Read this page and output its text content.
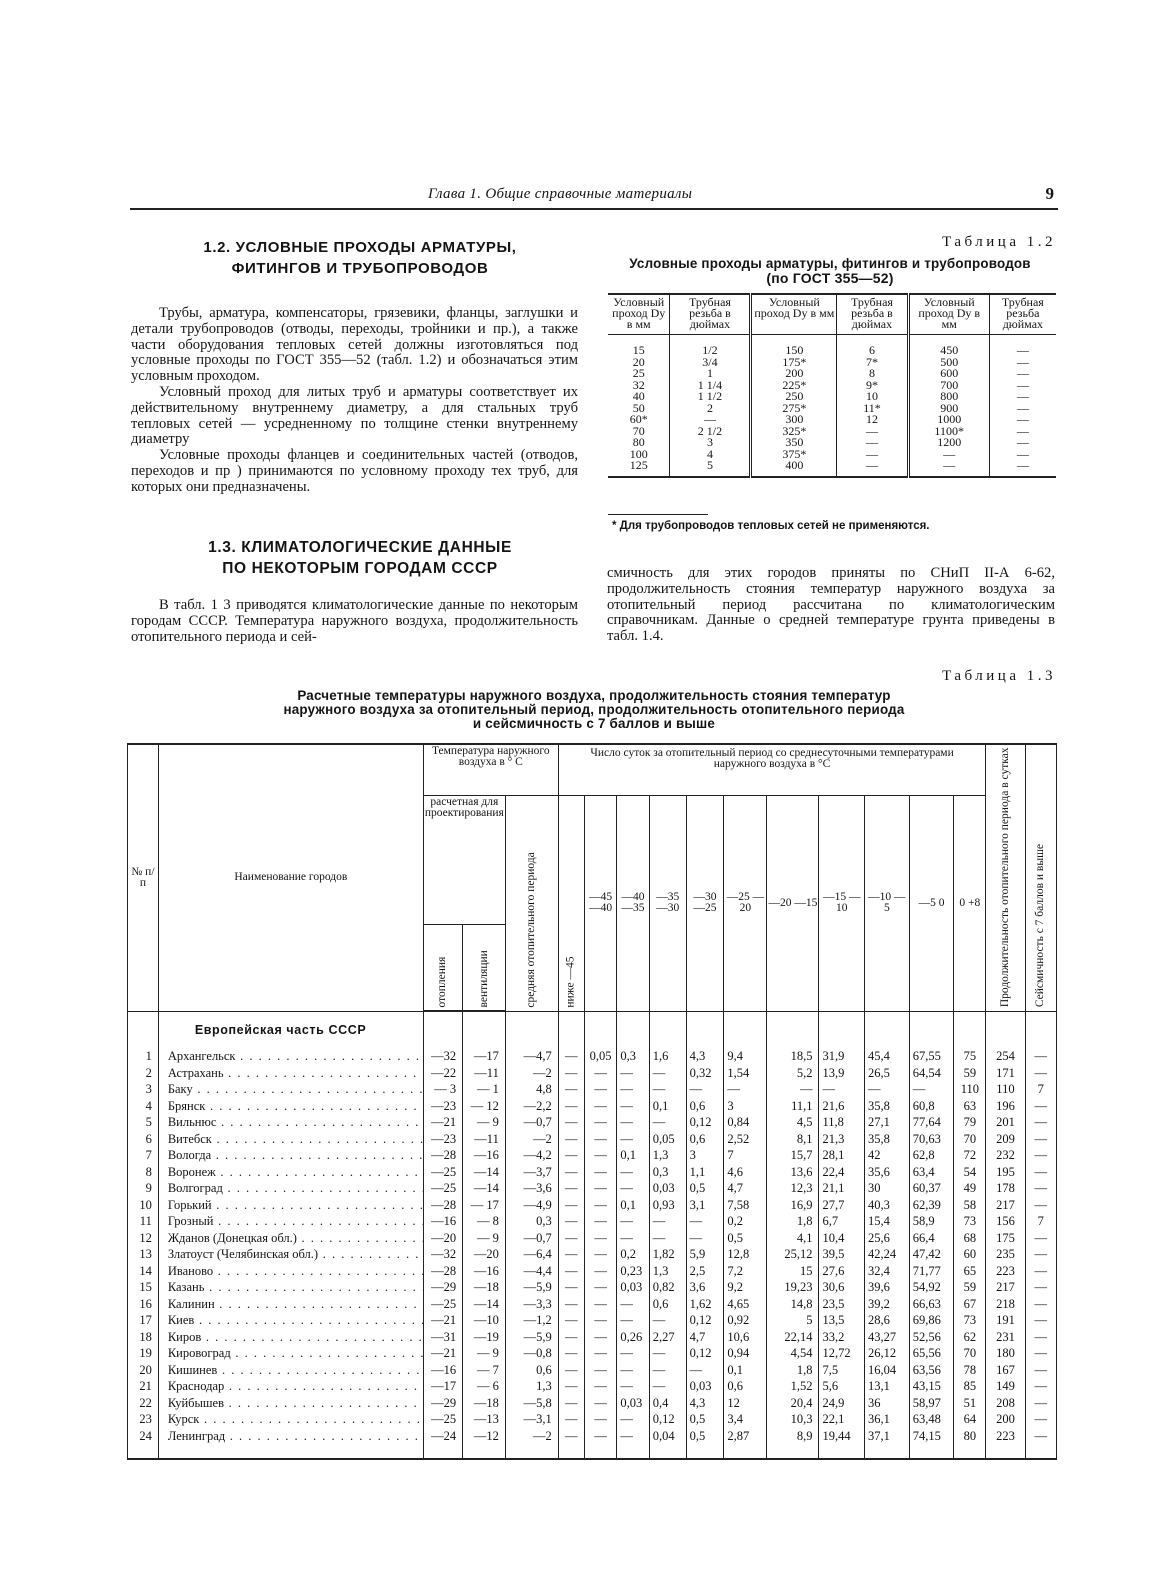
Глава 1. Общие справочные материалы	9
1.2. УСЛОВНЫЕ ПРОХОДЫ АРМАТУРЫ,
ФИТИНГОВ И ТРУБОПРОВОДОВ

Трубы, арматура, компенсаторы, грязевики, фланцы, заглушки и детали трубопроводов (отводы, переходы, тройники и пр.), а также части оборудования тепловых сетей должны изготовляться под условные проходы по ГОСТ 355—52 (табл. 1.2) и обозначаться этим условным проходом.

Условный проход для литых труб и арматуры соответствует их действительному внутреннему диаметру, а для стальных труб тепловых сетей — усредненному по толщине стенки внутреннему диаметру

Условные проходы фланцев и соединительных частей (отводов, переходов и пр ) принимаются по условному проходу тех труб, для которых они предназначены.

Таблица 1.2
Условные проходы арматуры, фитингов и трубопроводов
(по ГОСТ 355—52)
Условный проход Dу в мм	Трубная резьба в дюймах	Условный проход Dу в мм	Трубная резьба в дюймах	Условный проход Dу в мм	Трубная резьба дюймах
15	1/2	150	6	450	—
20	3/4	175*	7*	500	—
25	1	200	8	600	—
32	1 1/4	225*	9*	700	—
40	1 1/2	250	10	800	—
50	2	275*	11*	900	—
60*	—	300	12	1000	—
70	2 1/2	325*	—	1100*	—
80	3	350	—	1200	—
100	4	375*	—	—	—
125	5	400	—	—	—
* Для трубопроводов тепловых сетей не применяются.
1.3. КЛИМАТОЛОГИЧЕСКИЕ ДАННЫЕ
ПО НЕКОТОРЫМ ГОРОДАМ СССР

В табл. 1 3 приводятся климатологические данные по некоторым городам СССР. Температура наружного воздуха, продолжительность отопительного периода и сей-

смичность для этих городов приняты по СНиП II-А 6-62, продолжительность стояния температур наружного воздуха за отопительный период рассчитана по климатологическим справочникам. Данные о средней температуре грунта приведены в табл. 1.4.

Таблица 1.3
Расчетные температуры наружного воздуха, продолжительность стояния температур
наружного воздуха за отопительный период, продолжительность отопительного периода
и сейсмичность с 7 баллов и выше
№ п/п	Наименование городов	Температура наружного воздуха в ° С			Число суток за отопительный период со среднесуточными температурами наружного воздуха в °С											Продолжительность отопительного периода в сутках	Сейсмичность с 7 баллов и выше
		расчетная для проектирования		средняя отопительного периода	ниже —45	—45 —40	—40 —35	—35 —30	—30 —25	—25 —20	—20 —15	—15 —10	—10 —5	—5 0	0 +8		
		отопления	вентиляции														
	Европейская часть СССР																
1	Архангельск . . .	—32	—17	—4,7	—	0,05	0,3	1,6	4,3	9,4	18,5	31,9	45,4	67,55	75	254	—
2	Астрахань . . .	—22	—11	—2	—	—	—	—	0,32	1,54	5,2	13,9	26,5	64,54	59	171	—
3	Баку . . .	— 3	— 1	4,8	—	—	—	—	—	—	—	—	—	—	110	110	7
4	Брянск . . .	—23	— 12	—2,2	—	—	—	0,1	0,6	3	11,1	21,6	35,8	60,8	63	196	—
5	Вильнюс . . .	—21	— 9	—0,7	—	—	—	—	0,12	0,84	4,5	11,8	27,1	77,64	79	201	—
6	Витебск . . .	—23	—11	—2	—	—	—	0,05	0,6	2,52	8,1	21,3	35,8	70,63	70	209	—
7	Вологда . . .	—28	—16	—4,2	—	—	0,1	1,3	3	7	15,7	28,1	42	62,8	72	232	—
8	Воронеж . . .	—25	—14	—3,7	—	—	—	0,3	1,1	4,6	13,6	22,4	35,6	63,4	54	195	—
9	Волгоград . . .	—25	—14	—3,6	—	—	—	0,03	0,5	4,7	12,3	21,1	30	60,37	49	178	—
10	Горький . . .	—28	— 17	—4,9	—	—	0,1	0,93	3,1	7,58	16,9	27,7	40,3	62,39	58	217	—
11	Грозный . . .	—16	— 8	0,3	—	—	—	—	—	0,2	1,8	6,7	15,4	58,9	73	156	7
12	Жданов (Донецкая обл.) . . .	—20	— 9	—0,7	—	—	—	—	—	0,5	4,1	10,4	25,6	66,4	68	175	—
13	Златоуст (Челябинская обл.) . . .	—32	—20	—6,4	—	—	0,2	1,82	5,9	12,8	25,12	39,5	42,24	47,42	60	235	—
14	Иваново . . .	—28	—16	—4,4	—	—	0,23	1,3	2,5	7,2	15	27,6	32,4	71,77	65	223	—
15	Казань . . .	—29	—18	—5,9	—	—	0,03	0,82	3,6	9,2	19,23	30,6	39,6	54,92	59	217	—
16	Калинин . . .	—25	—14	—3,3	—	—	—	0,6	1,62	4,65	14,8	23,5	39,2	66,63	67	218	—
17	Киев . . .	—21	—10	—1,2	—	—	—	—	0,12	0,92	5	13,5	28,6	69,86	73	191	—
18	Киров . . .	—31	—19	—5,9	—	—	0,26	2,27	4,7	10,6	22,14	33,2	43,27	52,56	62	231	—
19	Кировоград . . .	—21	— 9	—0,8	—	—	—	—	0,12	0,94	4,54	12,72	26,12	65,56	70	180	—
20	Кишинев . . .	—16	— 7	0,6	—	—	—	—	—	0,1	1,8	7,5	16,04	63,56	78	167	—
21	Краснодар . . .	—17	— 6	1,3	—	—	—	—	0,03	0,6	1,52	5,6	13,1	43,15	85	149	—
22	Куйбышев . . .	—29	—18	—5,8	—	—	0,03	0,4	4,3	12	20,4	24,9	36	58,97	51	208	—
23	Курск . . .	—25	—13	—3,1	—	—	—	0,12	0,5	3,4	10,3	22,1	36,1	63,48	64	200	—
24	Ленинград . . .	—24	—12	—2	—	—	—	0,04	0,5	2,87	8,9	19,44	37,1	74,15	80	223	—
